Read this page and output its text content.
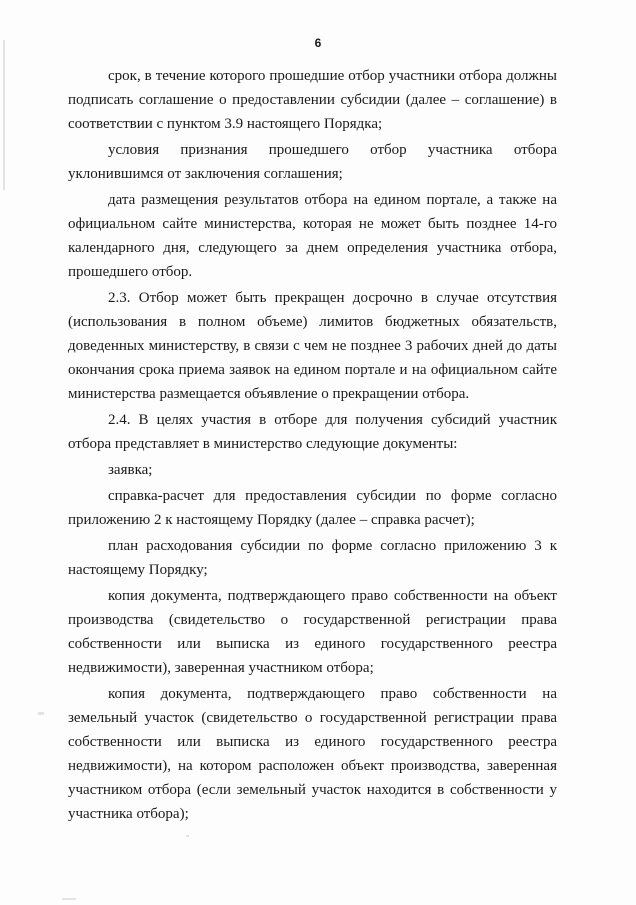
6

срок, в течение которого прошедшие отбор участники отбора должны подписать соглашение о предоставлении субсидии (далее – соглашение) в соответствии с пунктом 3.9 настоящего Порядка;

условия признания прошедшего отбор участника отбора уклонившимся от заключения соглашения;

дата размещения результатов отбора на едином портале, а также на официальном сайте министерства, которая не может быть позднее 14-го календарного дня, следующего за днем определения участника отбора, прошедшего отбор.

2.3. Отбор может быть прекращен досрочно в случае отсутствия (использования в полном объеме) лимитов бюджетных обязательств, доведенных министерству, в связи с чем не позднее 3 рабочих дней до даты окончания срока приема заявок на едином портале и на официальном сайте министерства размещается объявление о прекращении отбора.

2.4. В целях участия в отборе для получения субсидий участник отбора представляет в министерство следующие документы:

заявка;

справка-расчет для предоставления субсидии по форме согласно приложению 2 к настоящему Порядку (далее – справка расчет);

план расходования субсидии по форме согласно приложению 3 к настоящему Порядку;

копия документа, подтверждающего право собственности на объект производства (свидетельство о государственной регистрации права собственности или выписка из единого государственного реестра недвижимости), заверенная участником отбора;

копия документа, подтверждающего право собственности на земельный участок (свидетельство о государственной регистрации права собственности или выписка из единого государственного реестра недвижимости), на котором расположен объект производства, заверенная участником отбора (если земельный участок находится в собственности у участника отбора);
